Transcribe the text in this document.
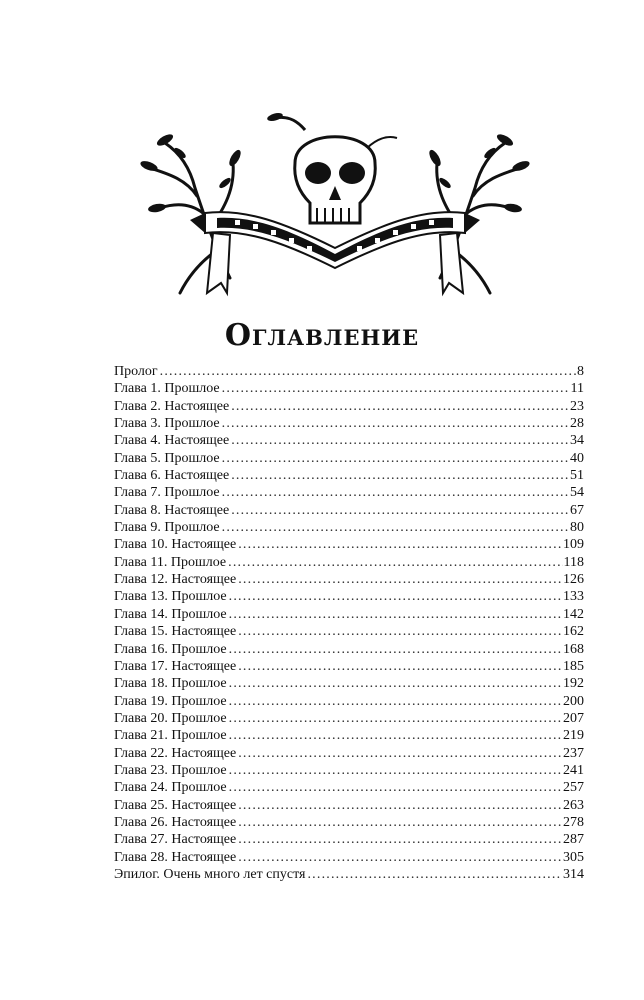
Оглавление
Пролог .....	8
Глава 1. Прошлое .....	11
Глава 2. Настоящее .....	23
Глава 3. Прошлое .....	28
Глава 4. Настоящее .....	34
Глава 5. Прошлое .....	40
Глава 6. Настоящее .....	51
Глава 7. Прошлое .....	54
Глава 8. Настоящее .....	67
Глава 9. Прошлое .....	80
Глава 10. Настоящее .....	109
Глава 11. Прошлое .....	118
Глава 12. Настоящее .....	126
Глава 13. Прошлое .....	133
Глава 14. Прошлое .....	142
Глава 15. Настоящее .....	162
Глава 16. Прошлое .....	168
Глава 17. Настоящее .....	185
Глава 18. Прошлое .....	192
Глава 19. Прошлое .....	200
Глава 20. Прошлое .....	207
Глава 21. Прошлое .....	219
Глава 22. Настоящее .....	237
Глава 23. Прошлое .....	241
Глава 24. Прошлое .....	257
Глава 25. Настоящее .....	263
Глава 26. Настоящее .....	278
Глава 27. Настоящее .....	287
Глава 28. Настоящее .....	305
Эпилог. Очень много лет спустя .....	314
